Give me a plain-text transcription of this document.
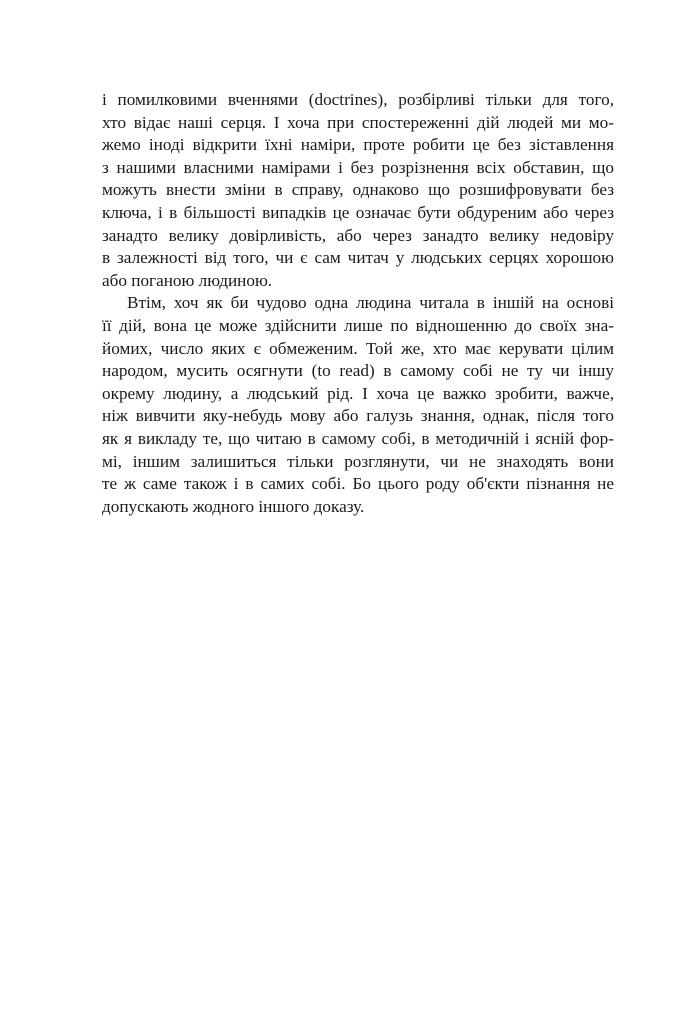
і помилковими вченнями (doctrines), розбірливі тільки для того,
хто відає наші серця. І хоча при спостереженні дій людей ми мо-
жемо іноді відкрити їхні наміри, проте робити це без зіставлення
з нашими власними намірами і без розрізнення всіх обставин, що
можуть внести зміни в справу, однаково що розшифровувати без
ключа, і в більшості випадків це означає бути обдуреним або через
занадто велику довірливість, або через занадто велику недовіру
в залежності від того, чи є сам читач у людських серцях хорошою
або поганою людиною.
Втім, хоч як би чудово одна людина читала в іншій на основі
її дій, вона це може здійснити лише по відношенню до своїх зна-
йомих, число яких є обмеженим. Той же, хто має керувати цілим
народом, мусить осягнути (to read) в самому собі не ту чи іншу
окрему людину, а людський рід. І хоча це важко зробити, важче,
ніж вивчити яку-небудь мову або галузь знання, однак, після того
як я викладу те, що читаю в самому собі, в методичній і ясній фор-
мі, іншим залишиться тільки розглянути, чи не знаходять вони
те ж саме також і в самих собі. Бо цього роду об'єкти пізнання не
допускають жодного іншого доказу.
